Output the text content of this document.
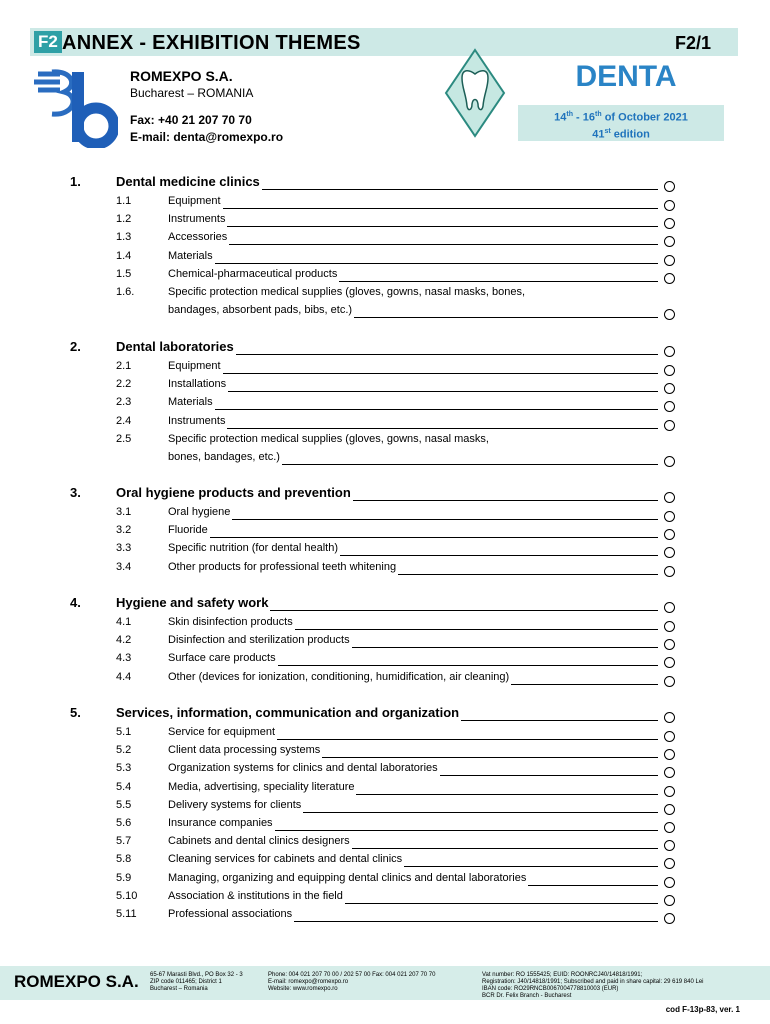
F2 ANNEX - EXHIBITION THEMES	F2/1
ROMEXPO S.A.
Bucharest – ROMANIA
Fax: +40 21 207 70 70
E-mail: denta@romexpo.ro
DENTA
14th - 16th of October 2021
41st edition
1.	Dental medicine clinics
1.1	Equipment
1.2	Instruments
1.3	Accessories
1.4	Materials
1.5	Chemical-pharmaceutical products
1.6.	Specific protection medical supplies (gloves, gowns, nasal masks, bones,
bandages, absorbent pads, bibs, etc.)
2.	Dental laboratories
2.1	Equipment
2.2	Installations
2.3	Materials
2.4	Instruments
2.5	Specific protection medical supplies (gloves, gowns, nasal masks,
bones, bandages, etc.)
3.	Oral hygiene products and prevention
3.1	Oral hygiene
3.2	Fluoride
3.3	Specific nutrition (for dental health)
3.4	Other products for professional teeth whitening
4.	Hygiene and safety work
4.1	Skin disinfection products
4.2	Disinfection and sterilization products
4.3	Surface care products
4.4	Other (devices for ionization, conditioning, humidification, air cleaning)
5.	Services, information, communication and organization
5.1	Service for equipment
5.2	Client data processing systems
5.3	Organization systems for clinics and dental laboratories
5.4	Media, advertising, speciality literature
5.5	Delivery systems for clients
5.6	Insurance companies
5.7	Cabinets and dental clinics designers
5.8	Cleaning services for cabinets and dental clinics
5.9	Managing, organizing and equipping dental clinics and dental laboratories
5.10	Association & institutions in the field
5.11	Professional associations
ROMEXPO S.A. 65-67 Marasti Blvd., PO Box 32 - 3
ZIP code 011465; District 1
Bucharest – Romania
Phone: 004 021 207 70 00 / 202 57 00 Fax: 004 021 207 70 70
E-mail: romexpo@romexpo.ro
Website: www.romexpo.ro
Vat number: RO 1555425; EUID: ROONRCJ40/14818/1991;
Registration: J40/14818/1991; Subscribed and paid in share capital: 29 619 840 Lei
IBAN code: RO29RNCB0067004778810003 (EUR)
BCR Dr. Felix Branch - Bucharest
cod F-13p-83, ver. 1
